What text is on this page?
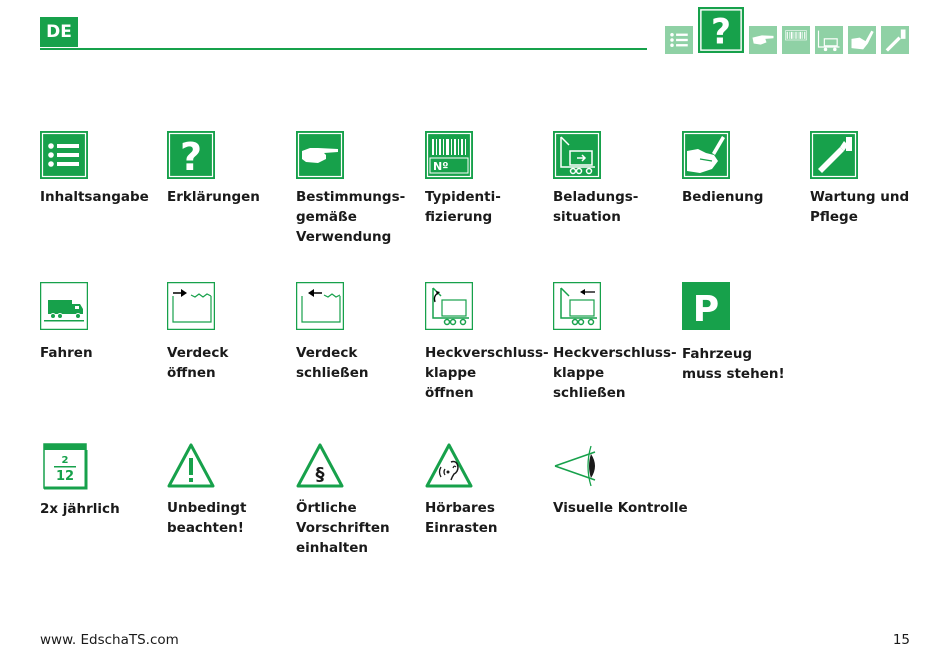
DE	?
Inhaltsangabe
?
Erklärungen	Bestimmungs-
gemäße
Verwendung
Nº
Typidenti-
fizierung
Beladungs-
situation
Bedienung	Wartung und
Pflege
Fahren	Verdeck
öffnen
Verdeck
schließen
Heckverschluss-
klappe
öffnen
Heckverschluss-
klappe
schließen
P
Fahrzeug
muss stehen!
2
12
2x jährlich	Unbedingt
beachten!
§
Örtliche
Vorschriften
einhalten
Hörbares
Einrasten
Visuelle Kontrolle
www. EdschaTS.com	15
